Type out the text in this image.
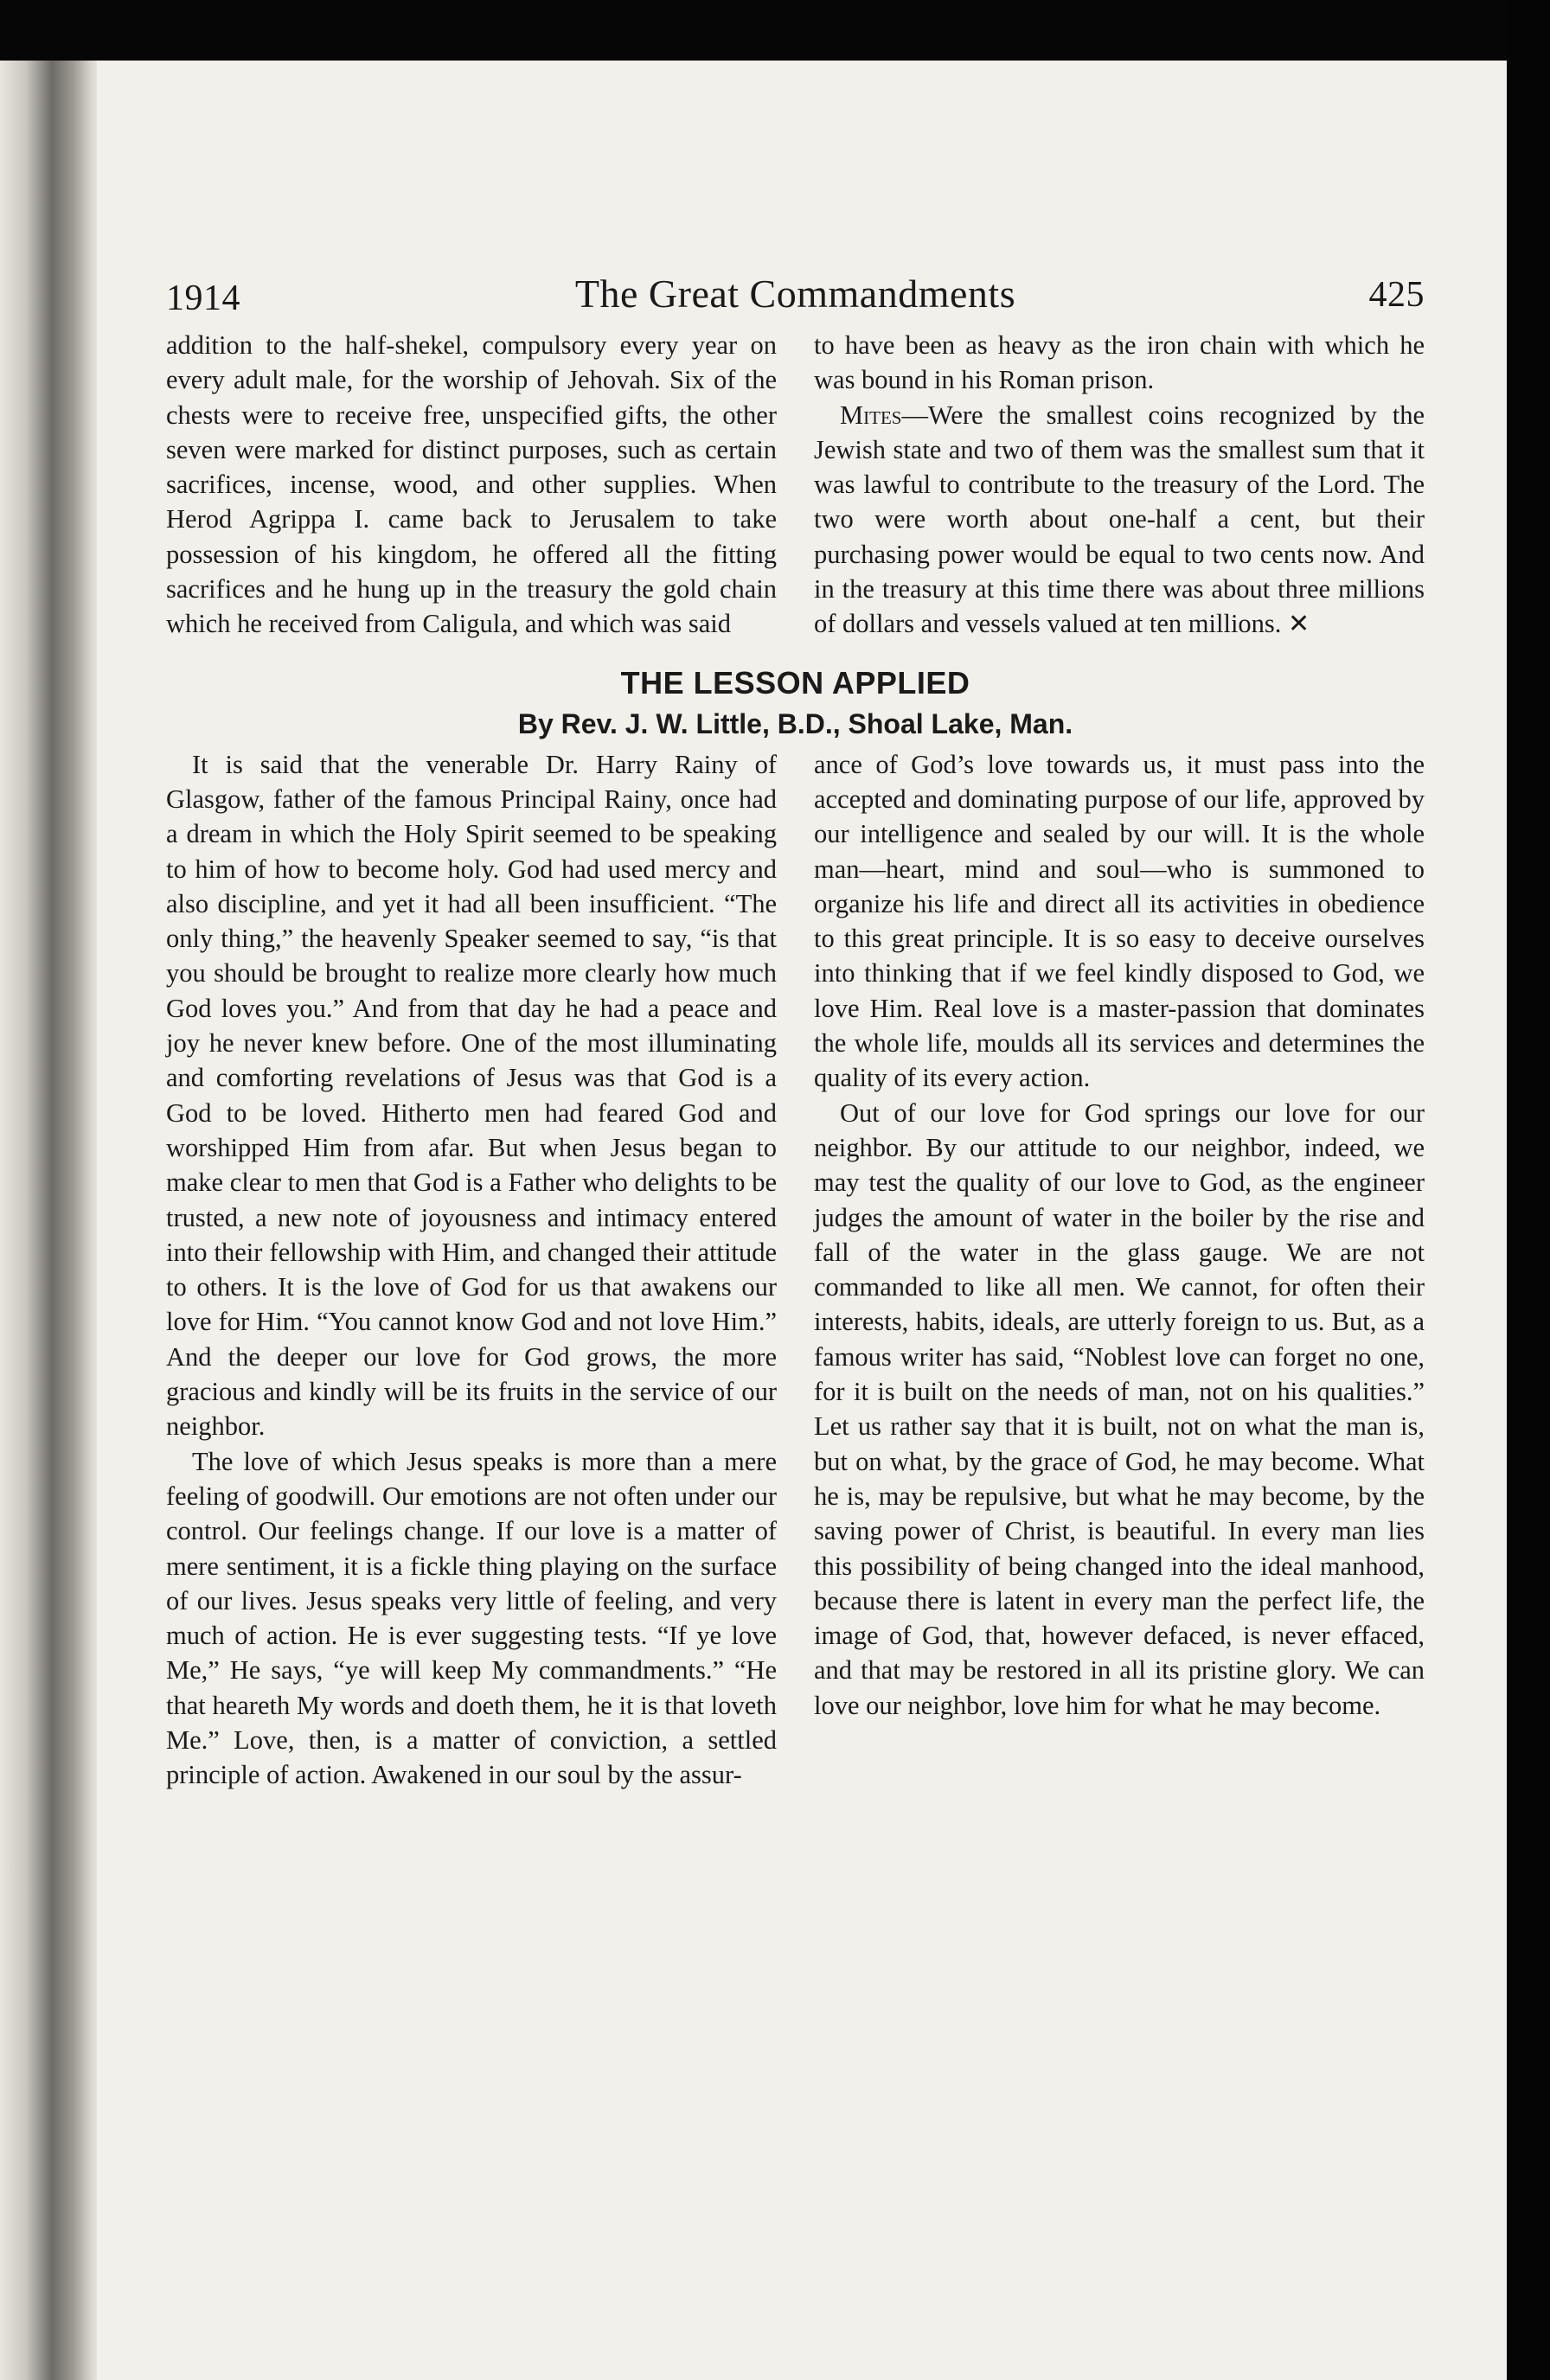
1914	The Great Commandments	425

addition to the half-shekel, compulsory every year on every adult male, for the worship of Jehovah. Six of the chests were to receive free, unspecified gifts, the other seven were marked for distinct purposes, such as certain sacrifices, incense, wood, and other supplies. When Herod Agrippa I. came back to Jerusalem to take possession of his kingdom, he offered all the fitting sacrifices and he hung up in the treasury the gold chain which he received from Caligula, and which was said

to have been as heavy as the iron chain with which he was bound in his Roman prison.

Mites—Were the smallest coins recognized by the Jewish state and two of them was the smallest sum that it was lawful to contribute to the treasury of the Lord. The two were worth about one-half a cent, but their purchasing power would be equal to two cents now. And in the treasury at this time there was about three millions of dollars and vessels valued at ten millions. ✕

THE LESSON APPLIED
By Rev. J. W. Little, B.D., Shoal Lake, Man.

It is said that the venerable Dr. Harry Rainy of Glasgow, father of the famous Principal Rainy, once had a dream in which the Holy Spirit seemed to be speaking to him of how to become holy. God had used mercy and also discipline, and yet it had all been insufficient. “The only thing,” the heavenly Speaker seemed to say, “is that you should be brought to realize more clearly how much God loves you.” And from that day he had a peace and joy he never knew before. One of the most illuminating and comforting revelations of Jesus was that God is a God to be loved. Hitherto men had feared God and worshipped Him from afar. But when Jesus began to make clear to men that God is a Father who delights to be trusted, a new note of joyousness and intimacy entered into their fellowship with Him, and changed their attitude to others. It is the love of God for us that awakens our love for Him. “You cannot know God and not love Him.” And the deeper our love for God grows, the more gracious and kindly will be its fruits in the service of our neighbor.

The love of which Jesus speaks is more than a mere feeling of goodwill. Our emotions are not often under our control. Our feelings change. If our love is a matter of mere sentiment, it is a fickle thing playing on the surface of our lives. Jesus speaks very little of feeling, and very much of action. He is ever suggesting tests. “If ye love Me,” He says, “ye will keep My commandments.” “He that heareth My words and doeth them, he it is that loveth Me.” Love, then, is a matter of conviction, a settled principle of action. Awakened in our soul by the assur-

ance of God’s love towards us, it must pass into the accepted and dominating purpose of our life, approved by our intelligence and sealed by our will. It is the whole man—heart, mind and soul—who is summoned to organize his life and direct all its activities in obedience to this great principle. It is so easy to deceive ourselves into thinking that if we feel kindly disposed to God, we love Him. Real love is a master-passion that dominates the whole life, moulds all its services and determines the quality of its every action.

Out of our love for God springs our love for our neighbor. By our attitude to our neighbor, indeed, we may test the quality of our love to God, as the engineer judges the amount of water in the boiler by the rise and fall of the water in the glass gauge. We are not commanded to like all men. We cannot, for often their interests, habits, ideals, are utterly foreign to us. But, as a famous writer has said, “Noblest love can forget no one, for it is built on the needs of man, not on his qualities.” Let us rather say that it is built, not on what the man is, but on what, by the grace of God, he may become. What he is, may be repulsive, but what he may become, by the saving power of Christ, is beautiful. In every man lies this possibility of being changed into the ideal manhood, because there is latent in every man the perfect life, the image of God, that, however defaced, is never effaced, and that may be restored in all its pristine glory. We can love our neighbor, love him for what he may become.
